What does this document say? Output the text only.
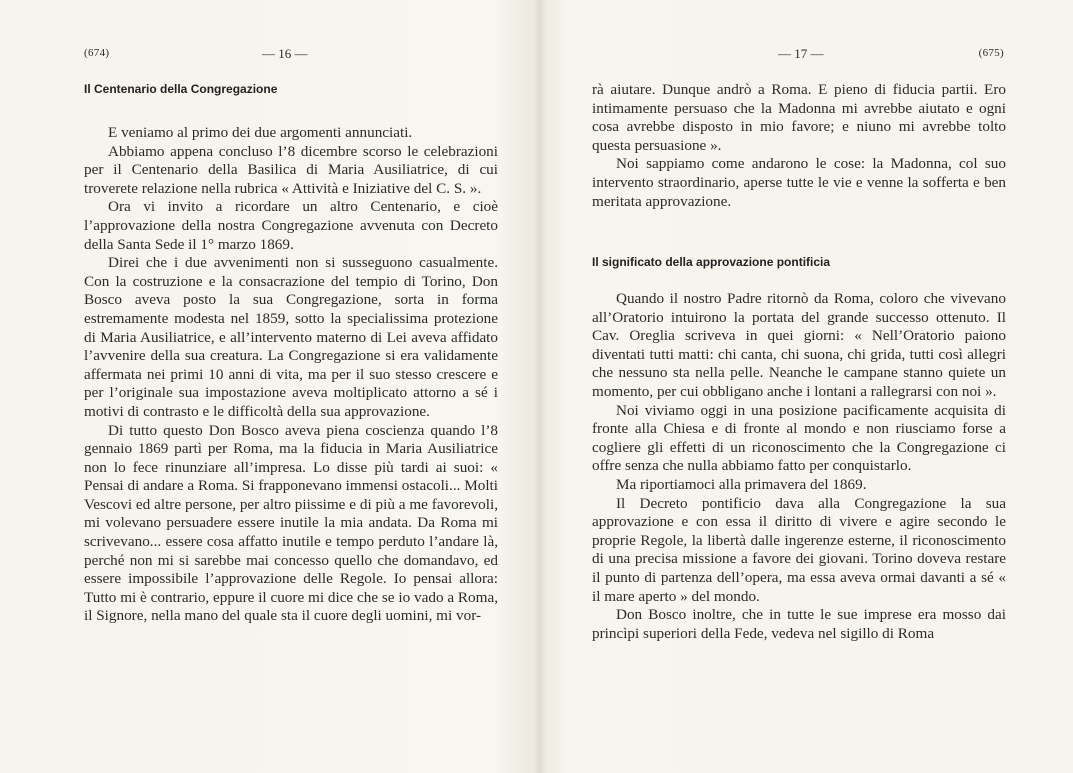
(674)	— 16 —
Il Centenario della Congregazione

E veniamo al primo dei due argomenti annunciati.

Abbiamo appena concluso l’8 dicembre scorso le celebrazioni per il Centenario della Basilica di Maria Ausiliatrice, di cui troverete relazione nella rubrica « Attività e Iniziative del C. S. ».

Ora vi invito a ricordare un altro Centenario, e cioè l’approvazione della nostra Congregazione avvenuta con Decreto della Santa Sede il 1° marzo 1869.

Direi che i due avvenimenti non si susseguono casualmente. Con la costruzione e la consacrazione del tempio di Torino, Don Bosco aveva posto la sua Congregazione, sorta in forma estremamente modesta nel 1859, sotto la specialissima protezione di Maria Ausiliatrice, e all’intervento materno di Lei aveva affidato l’avvenire della sua creatura. La Congregazione si era validamente affermata nei primi 10 anni di vita, ma per il suo stesso crescere e per l’originale sua impostazione aveva moltiplicato attorno a sé i motivi di contrasto e le difficoltà della sua approvazione.

Di tutto questo Don Bosco aveva piena coscienza quando l’8 gennaio 1869 partì per Roma, ma la fiducia in Maria Ausiliatrice non lo fece rinunziare all’impresa. Lo disse più tardi ai suoi: « Pensai di andare a Roma. Si frapponevano immensi ostacoli... Molti Vescovi ed altre persone, per altro piissime e di più a me favorevoli, mi volevano persuadere essere inutile la mia andata. Da Roma mi scrivevano... essere cosa affatto inutile e tempo perduto l’andare là, perché non mi si sarebbe mai concesso quello che domandavo, ed essere impossibile l’approvazione delle Regole. Io pensai allora: Tutto mi è contrario, eppure il cuore mi dice che se io vado a Roma, il Signore, nella mano del quale sta il cuore degli uomini, mi vor-

— 17 —	(675)

rà aiutare. Dunque andrò a Roma. E pieno di fiducia partii. Ero intimamente persuaso che la Madonna mi avrebbe aiutato e ogni cosa avrebbe disposto in mio favore; e niuno mi avrebbe tolto questa persuasione ».

Noi sappiamo come andarono le cose: la Madonna, col suo intervento straordinario, aperse tutte le vie e venne la sofferta e ben meritata approvazione.

Il significato della approvazione pontificia

Quando il nostro Padre ritornò da Roma, coloro che vivevano all’Oratorio intuirono la portata del grande successo ottenuto. Il Cav. Oreglia scriveva in quei giorni: « Nell’Oratorio paiono diventati tutti matti: chi canta, chi suona, chi grida, tutti così allegri che nessuno sta nella pelle. Neanche le campane stanno quiete un momento, per cui obbligano anche i lontani a rallegrarsi con noi ».

Noi viviamo oggi in una posizione pacificamente acquisita di fronte alla Chiesa e di fronte al mondo e non riusciamo forse a cogliere gli effetti di un riconoscimento che la Congregazione ci offre senza che nulla abbiamo fatto per conquistarlo.

Ma riportiamoci alla primavera del 1869.

Il Decreto pontificio dava alla Congregazione la sua approvazione e con essa il diritto di vivere e agire secondo le proprie Regole, la libertà dalle ingerenze esterne, il riconoscimento di una precisa missione a favore dei giovani. Torino doveva restare il punto di partenza dell’opera, ma essa aveva ormai davanti a sé « il mare aperto » del mondo.

Don Bosco inoltre, che in tutte le sue imprese era mosso dai princìpi superiori della Fede, vedeva nel sigillo di Roma
